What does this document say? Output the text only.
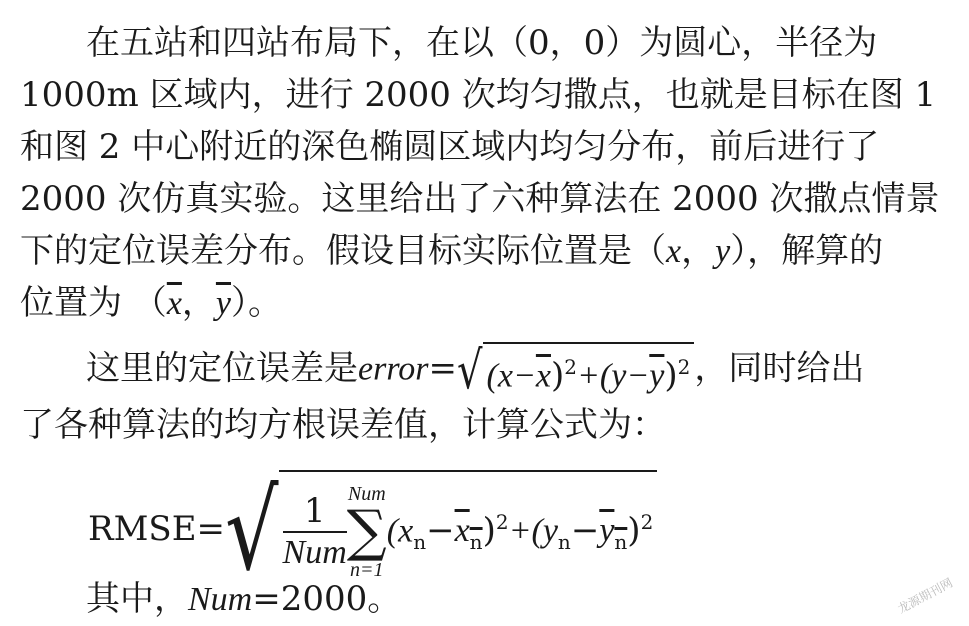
在五站和四站布局下，在以（0，0）为圆心，半径为
1000m 区域内，进行 2000 次均匀撒点，也就是目标在图 1
和图 2 中心附近的深色椭圆区域内均匀分布，前后进行了
2000 次仿真实验。这里给出了六种算法在 2000 次撒点情景
下的定位误差分布。假设目标实际位置是（x，y），解算的
位置为 （$\overline{x}$，$\overline{y}$）。
这里的定位误差是error=√ $(x-\overline{x})^2+(y-\overline{y})^2$ ，同时给出
了各种算法的均方根误差值，计算公式为：
RMSE=√ $\frac{1}{\text{Num}}$ Num
∑
n=1
$(x_n-x_n)^2+(y_n-y_n)^2$
其中，Num=2000。	龙源期刊网
